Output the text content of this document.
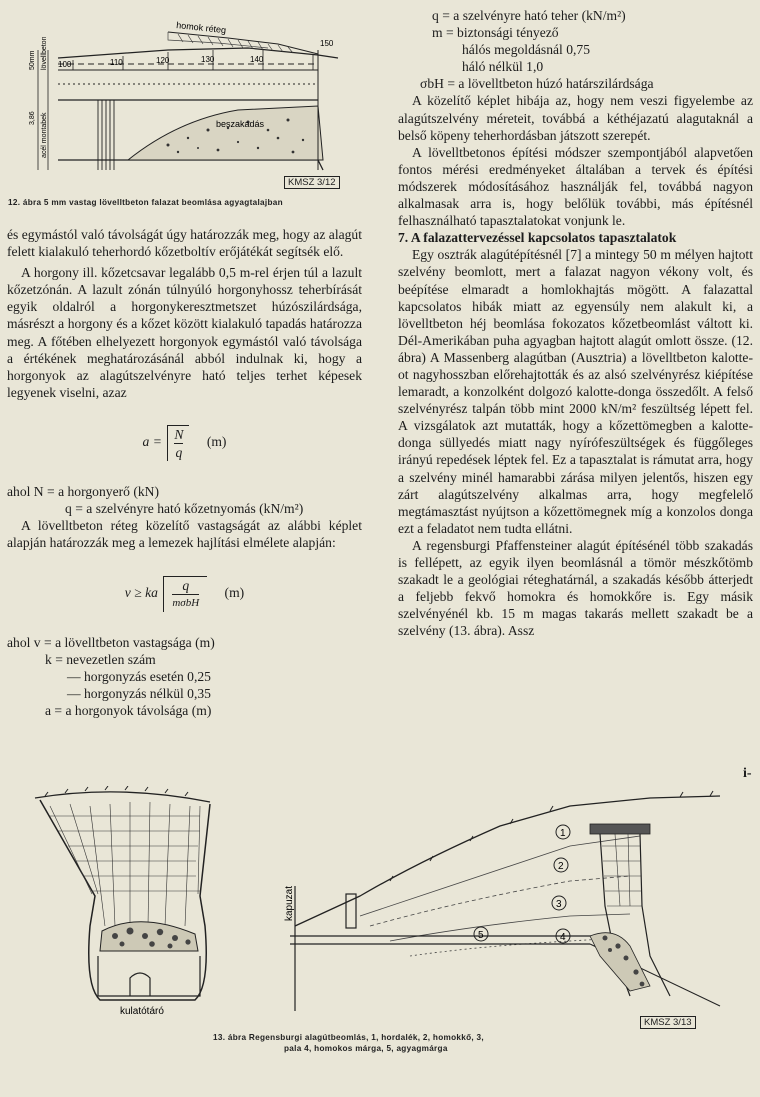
homok réteg
beszakadás
150
100	110	120	130	140
50mm lövellbeton
3,86 acél montabek
KMSZ 3/12
12. ábra 5 mm vastag lövelltbeton falazat beomlása agyagtalajban

és egymástól való távolságát úgy határozzák meg, hogy az alagút felett kialakuló teherhordó kőzetboltív erőjátékát segítsék elő.

A horgony ill. kőzetcsavar legalább 0,5 m-rel érjen túl a lazult kőzetzónán. A lazult zónán túlnyúló horgonyhossz teherbírását egyik oldalról a horgonykeresztmetszet húzószilárdsága, másrészt a horgony és a kőzet között kialakuló tapadás határozza meg. A főtében elhelyezett horgonyok egymástól való távolsága a értékének meghatározásánál abból indulnak ki, hogy a horgonyok az alagútszelvényre ható teljes terhet képesek legyenek viselni, azaz

$a = \frac{N}{q} (m)$
ahol N = a horgonyerő (kN)
q = a szelvényre ható kőzetnyomás (kN/m²)

A lövelltbeton réteg közelítő vastagságát az alábbi képlet alapján határozzák meg a lemezek hajlítási elmélete alapján:

v ≥ ka	q
mσbH
(m)
ahol v = a lövelltbeton vastagsága (m)
k = nevezetlen szám
— horgonyzás esetén 0,25
— horgonyzás nélkül 0,35
a = a horgonyok távolsága (m)
q = a szelvényre ható teher (kN/m²)
m = biztonsági tényező
hálós megoldásnál 0,75
háló nélkül 1,0
σbH = a lövelltbeton húzó határszilárdsága

A közelítő képlet hibája az, hogy nem veszi figyelembe az alagútszelvény méreteit, továbbá a kéthéjazatú alagutaknál a belső köpeny teherhordásban játszott szerepét.

A lövelltbetonos építési módszer szempontjából alapvetően fontos mérési eredményeket általában a tervek és építési módszerek módosításához használják fel, továbbá nagyon alkalmasak arra is, hogy belőlük további, más építésnél felhasználható tapasztalatokat vonjunk le.

7. A falazattervezéssel kapcsolatos tapasztalatok

Egy osztrák alagútépítésnél [7] a mintegy 50 m mélyen hajtott szelvény beomlott, mert a falazat nagyon vékony volt, és beépítése elmaradt a homlokhajtás mögött. A falazattal kapcsolatos hibák miatt az egyensúly nem alakult ki, a lövelltbeton héj beomlása fokozatos kőzetbeomlást váltott ki. Dél-Amerikában puha agyagban hajtott alagút omlott össze. (12. ábra) A Massenberg alagútban (Ausztria) a lövelltbeton kalotte-ot nagyhosszban előrehajtották és az alsó szelvényrész kiépítése lemaradt, a konzolként dolgozó kalotte-donga összedőlt. A felső szelvényrész talpán több mint 2000 kN/m² feszültség lépett fel. A vizsgálatok azt mutatták, hogy a kőzettömegben a kalotte-donga süllyedés miatt nagy nyírófeszültségek és függőleges irányú repedések léptek fel. Ez a tapasztalat is rámutat arra, hogy a szelvény minél hamarabbi zárása milyen jelentős, hiszen egy zárt alagútszelvény alkalmas arra, hogy megfelelő megtámasztást nyújtson a kőzettömegnek míg a konzolos donga ezt a feladatot nem tudta ellátni.

A regensburgi Pfaffensteiner alagút építésénél több szakadás is fellépett, az egyik ilyen beomlásnál a tömör mészkőtömb szakadt le a geológiai réteghatárnál, a szakadás később átterjedt a feljebb fekvő homokra és homokkőre is. Egy másik szelvényénél kb. 15 m magas takarás mellett szakadt be a szelvény (13. ábra). Assz

i-
kulatótáró
1
2
3
4
5
kapuzat
KMSZ 3/13
13. ábra Regensburgi alagútbeomlás, 1, hordalék, 2, homokkő, 3,
pala 4, homokos márga, 5, agyagmárga
